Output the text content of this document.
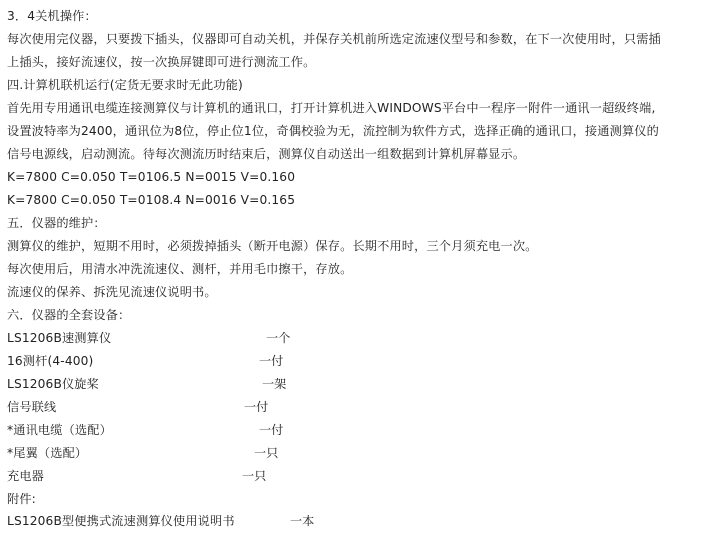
3．4关机操作：
每次使用完仪器，只要拨下插头，仪器即可自动关机，并保存关机前所选定流速仪型号和参数，在下一次使用时，只需插
上插头，接好流速仪，按一次换屏键即可进行测流工作。
四.计算机联机运行(定货无要求时无此功能)
首先用专用通讯电缆连接测算仪与计算机的通讯口，打开计算机进入WINDOWS平台中一程序一附件一通讯一超级终端,
设置波特率为2400，通讯位为8位，停止位1位，奇偶校验为无，流控制为软件方式，选择正确的通讯口，接通测算仪的
信号电源线，启动测流。待每次测流历时结束后，测算仪自动送出一组数据到计算机屏幕显示。
K=7800 C=0.050 T=0106.5 N=0015 V=0.160
K=7800 C=0.050 T=0108.4 N=0016 V=0.165
五．仪器的维护：
测算仪的维护，短期不用时，必须拨掉插头（断开电源）保存。长期不用时，三个月须充电一次。
每次使用后，用清水冲洗流速仪、测杆，并用毛巾擦干，存放。
流速仪的保养、拆洗见流速仪说明书。
六．仪器的全套设备：
LS1206B速测算仪	一个
16测杆(4-400)	一付
LS1206B仪旋桨	一架
信号联线	一付
*通讯电缆（选配）	一付
*尾翼（选配）	一只
充电器	一只
附件:
LS1206B型便携式流速测算仪使用说明书	一本
